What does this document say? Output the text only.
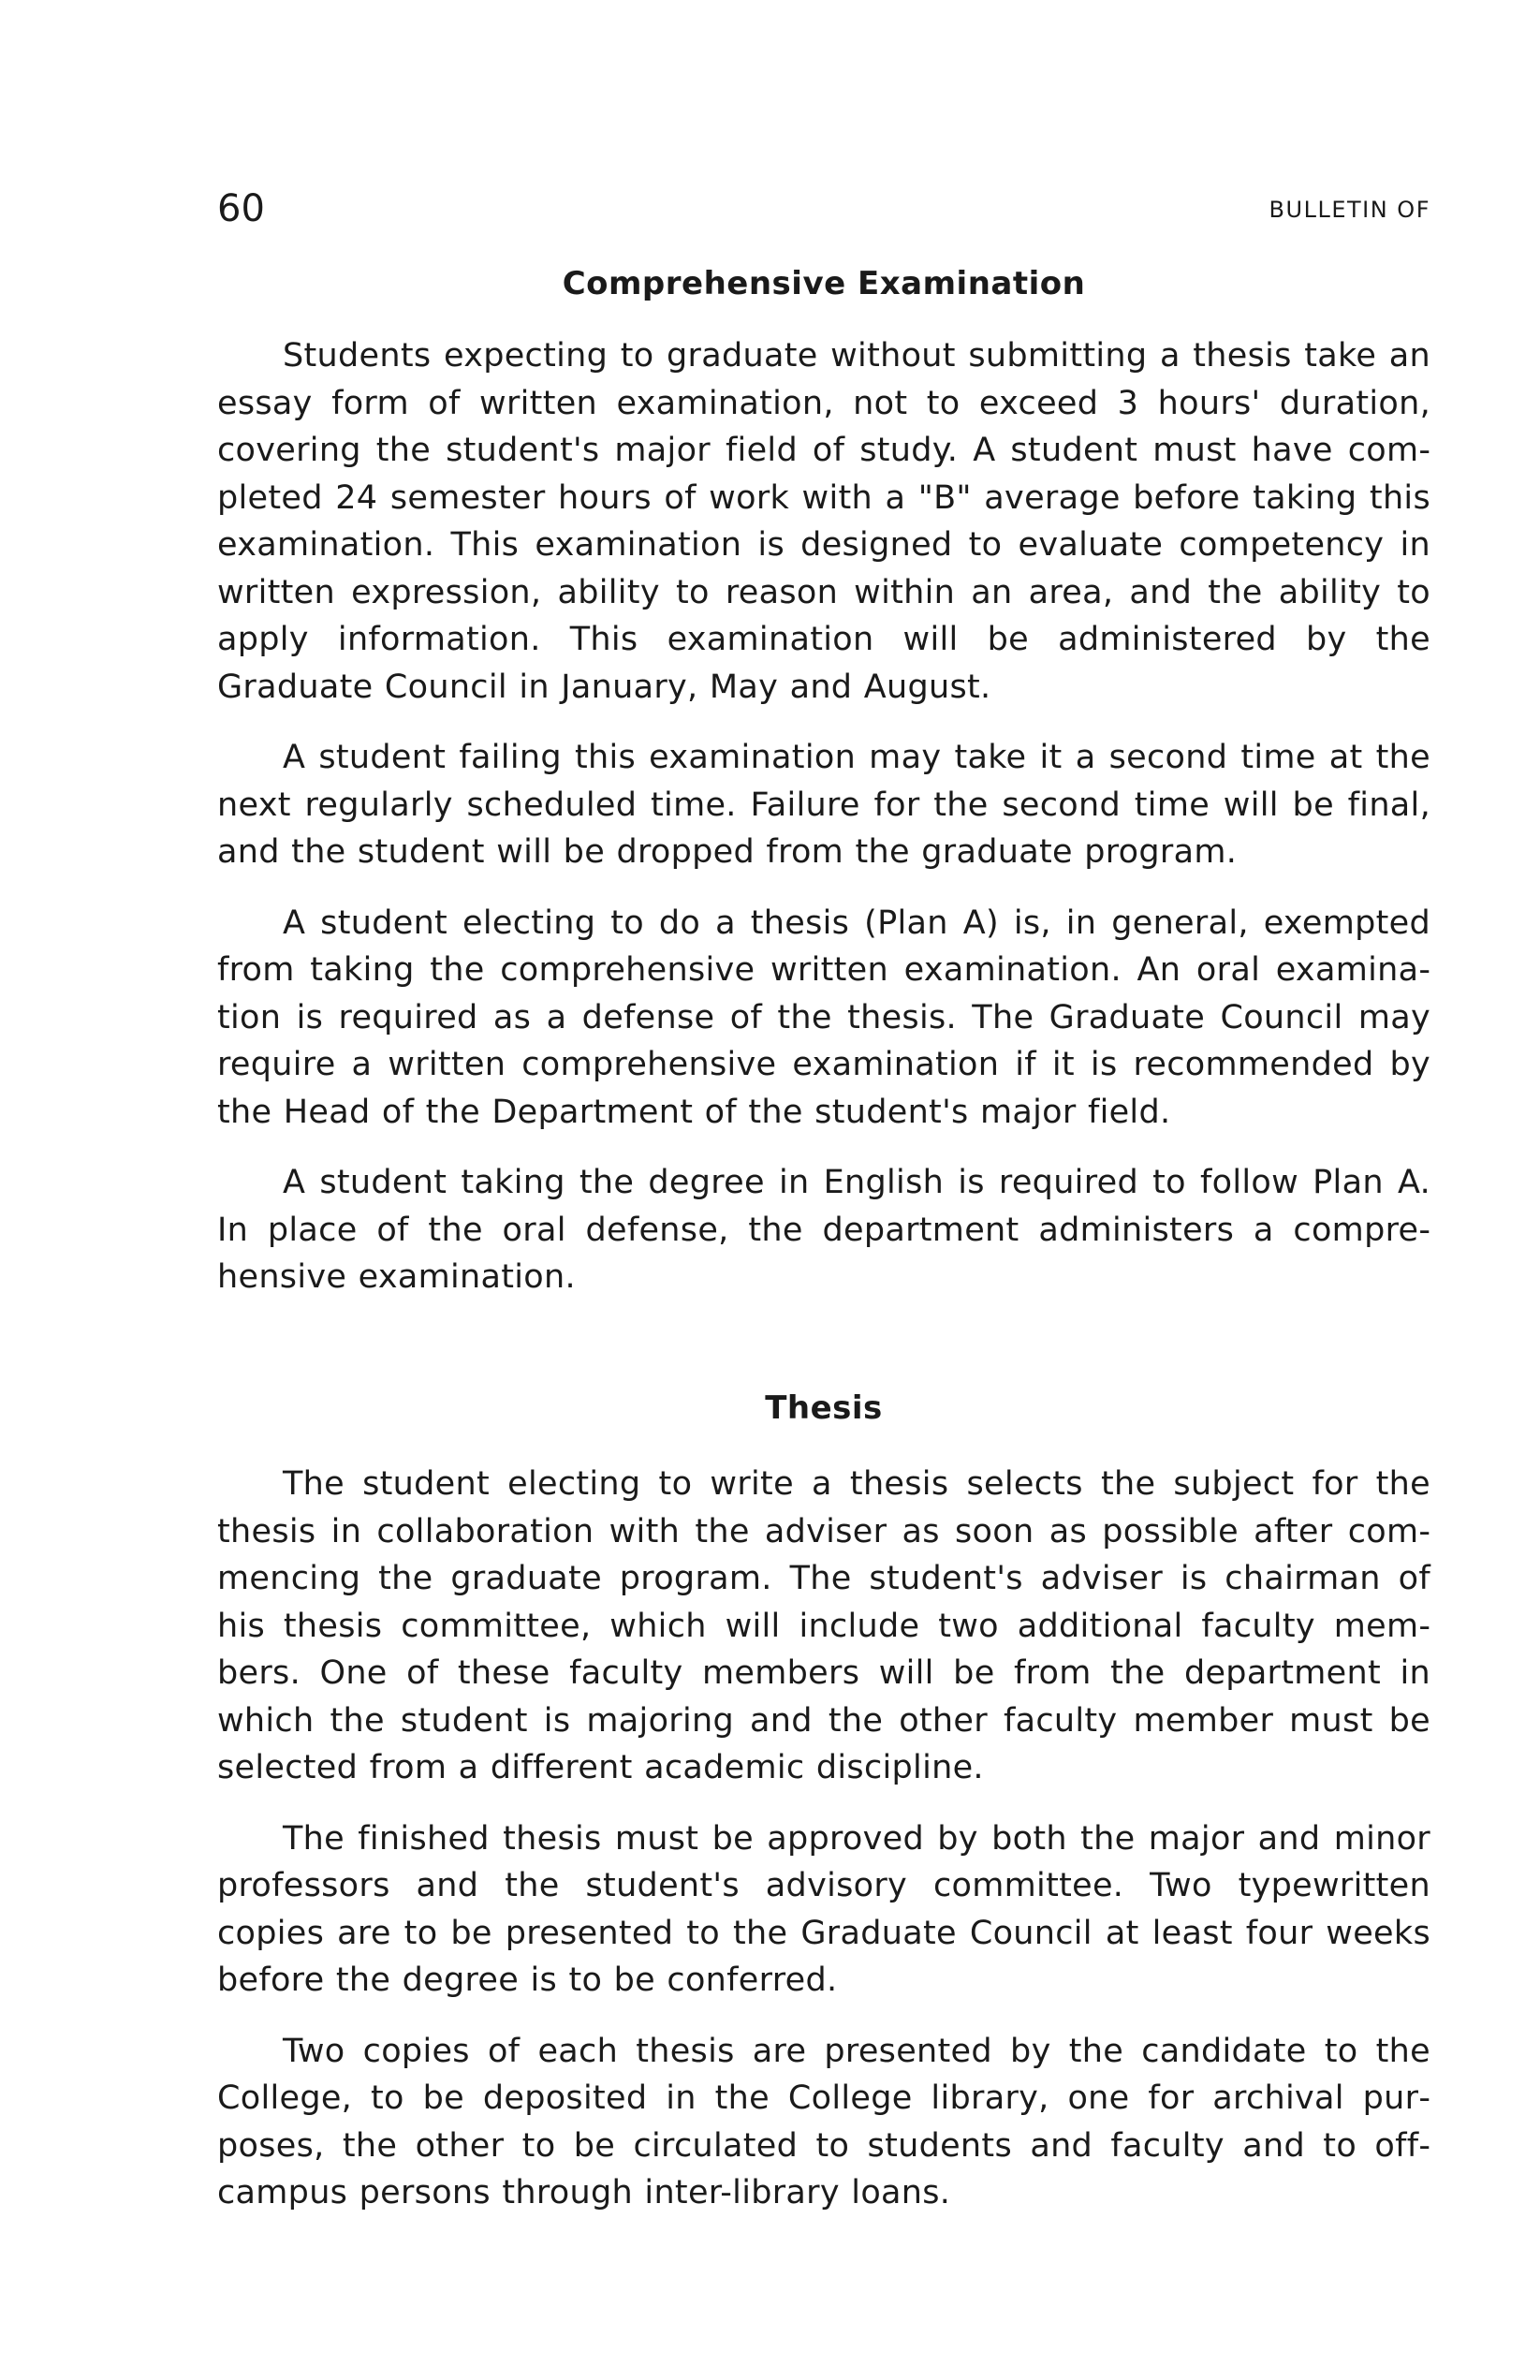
60	BULLETIN OF
Comprehensive Examination

Students expecting to graduate without submitting a thesis take an essay form of written examination, not to exceed 3 hours' duration, covering the student's major field of study. A student must have completed 24 semester hours of work with a "B" average before taking this examination. This examination is designed to evaluate competency in written expression, ability to reason within an area, and the ability to apply information. This examination will be administered by the Graduate Council in January, May and August.

A student failing this examination may take it a second time at the next regularly scheduled time. Failure for the second time will be final, and the student will be dropped from the graduate program.

A student electing to do a thesis (Plan A) is, in general, exempted from taking the comprehensive written examination. An oral examination is required as a defense of the thesis. The Graduate Council may require a written comprehensive examination if it is recommended by the Head of the Department of the student's major field.

A student taking the degree in English is required to follow Plan A. In place of the oral defense, the department administers a comprehensive examination.

Thesis

The student electing to write a thesis selects the subject for the thesis in collaboration with the adviser as soon as possible after commencing the graduate program. The student's adviser is chairman of his thesis committee, which will include two additional faculty members. One of these faculty members will be from the department in which the student is majoring and the other faculty member must be selected from a different academic discipline.

The finished thesis must be approved by both the major and minor professors and the student's advisory committee. Two typewritten copies are to be presented to the Graduate Council at least four weeks before the degree is to be conferred.

Two copies of each thesis are presented by the candidate to the College, to be deposited in the College library, one for archival purposes, the other to be circulated to students and faculty and to offcampus persons through inter-library loans.
